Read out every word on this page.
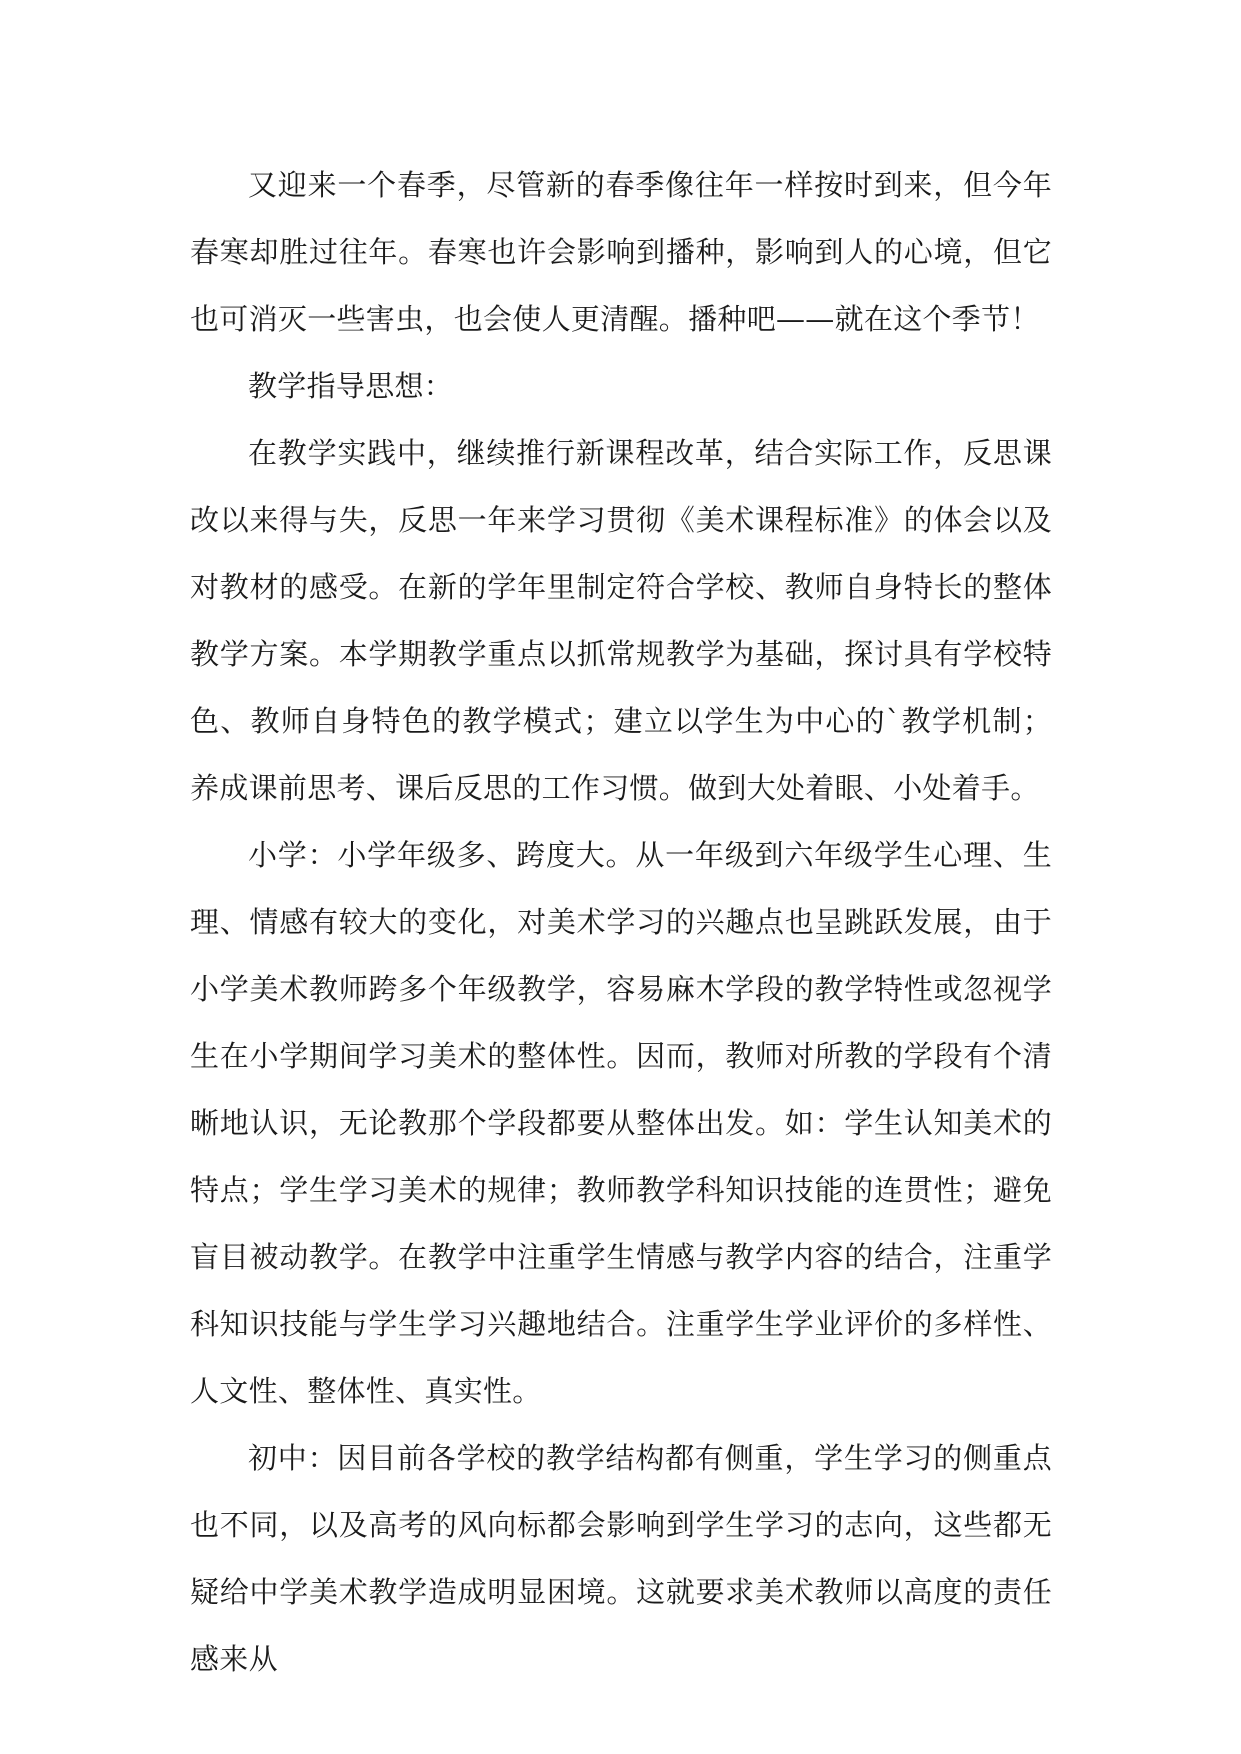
又迎来一个春季，尽管新的春季像往年一样按时到来，但今年春寒却胜过往年。春寒也许会影响到播种，影响到人的心境，但它也可消灭一些害虫，也会使人更清醒。播种吧——就在这个季节！

教学指导思想：

在教学实践中，继续推行新课程改革，结合实际工作，反思课改以来得与失，反思一年来学习贯彻《美术课程标准》的体会以及对教材的感受。在新的学年里制定符合学校、教师自身特长的整体教学方案。本学期教学重点以抓常规教学为基础，探讨具有学校特色、教师自身特色的教学模式；建立以学生为中心的`教学机制；养成课前思考、课后反思的工作习惯。做到大处着眼、小处着手。

小学：小学年级多、跨度大。从一年级到六年级学生心理、生理、情感有较大的变化，对美术学习的兴趣点也呈跳跃发展，由于小学美术教师跨多个年级教学，容易麻木学段的教学特性或忽视学生在小学期间学习美术的整体性。因而，教师对所教的学段有个清晰地认识，无论教那个学段都要从整体出发。如：学生认知美术的特点；学生学习美术的规律；教师教学科知识技能的连贯性；避免盲目被动教学。在教学中注重学生情感与教学内容的结合，注重学科知识技能与学生学习兴趣地结合。注重学生学业评价的多样性、人文性、整体性、真实性。

初中：因目前各学校的教学结构都有侧重，学生学习的侧重点也不同，以及高考的风向标都会影响到学生学习的志向，这些都无疑给中学美术教学造成明显困境。这就要求美术教师以高度的责任感来从
